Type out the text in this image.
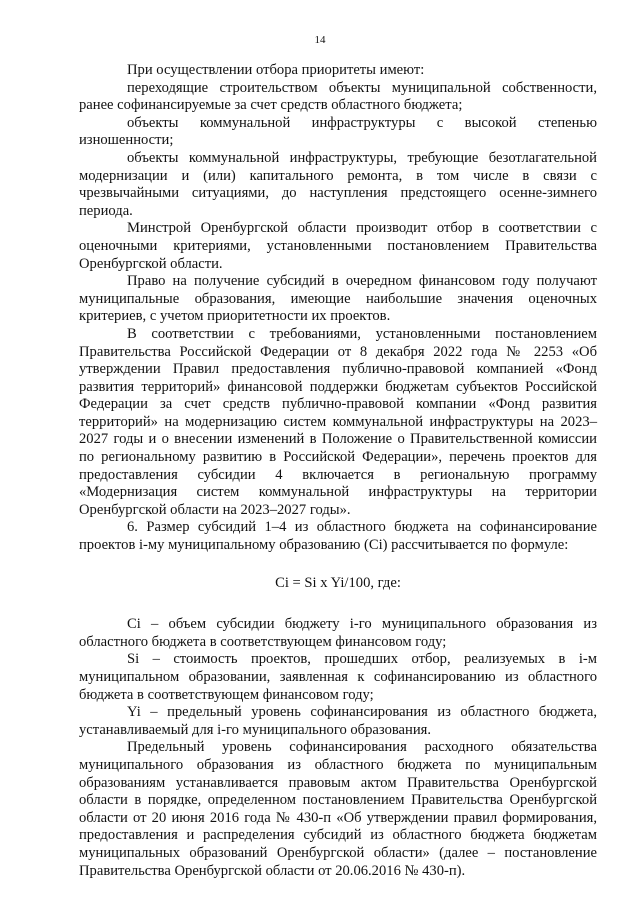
14

При осуществлении отбора приоритеты имеют:

переходящие строительством объекты муниципальной собственности, ранее софинансируемые за счет средств областного бюджета;

объекты коммунальной инфраструктуры с высокой степенью изношенности;

объекты коммунальной инфраструктуры, требующие безотлагательной модернизации и (или) капитального ремонта, в том числе в связи с чрезвычайными ситуациями, до наступления предстоящего осенне-зимнего периода.

Минстрой Оренбургской области производит отбор в соответствии с оценочными критериями, установленными постановлением Правительства Оренбургской области.

Право на получение субсидий в очередном финансовом году получают муниципальные образования, имеющие наибольшие значения оценочных критериев, с учетом приоритетности их проектов.

В соответствии с требованиями, установленными постановлением Правительства Российской Федерации от 8 декабря 2022 года № 2253 «Об утверждении Правил предоставления публично-правовой компанией «Фонд развития территорий» финансовой поддержки бюджетам субъектов Российской Федерации за счет средств публично-правовой компании «Фонд развития территорий» на модернизацию систем коммунальной инфраструктуры на 2023–2027 годы и о внесении изменений в Положение о Правительственной комиссии по региональному развитию в Российской Федерации», перечень проектов для предоставления субсидии 4 включается в региональную программу «Модернизация систем коммунальной инфраструктуры на территории Оренбургской области на 2023–2027 годы».

6. Размер субсидий 1–4 из областного бюджета на софинансирование проектов i-му муниципальному образованию (Ci) рассчитывается по формуле:

Ci = Si x Yi/100, где:

Ci – объем субсидии бюджету i-го муниципального образования из областного бюджета в соответствующем финансовом году;

Si – стоимость проектов, прошедших отбор, реализуемых в i-м муниципальном образовании, заявленная к софинансированию из областного бюджета в соответствующем финансовом году;

Yi – предельный уровень софинансирования из областного бюджета, устанавливаемый для i-го муниципального образования.

Предельный уровень софинансирования расходного обязательства муниципального образования из областного бюджета по муниципальным образованиям устанавливается правовым актом Правительства Оренбургской области в порядке, определенном постановлением Правительства Оренбургской области от 20 июня 2016 года № 430-п «Об утверждении правил формирования, предоставления и распределения субсидий из областного бюджета бюджетам муниципальных образований Оренбургской области» (далее – постановление Правительства Оренбургской области от 20.06.2016 № 430-п).
